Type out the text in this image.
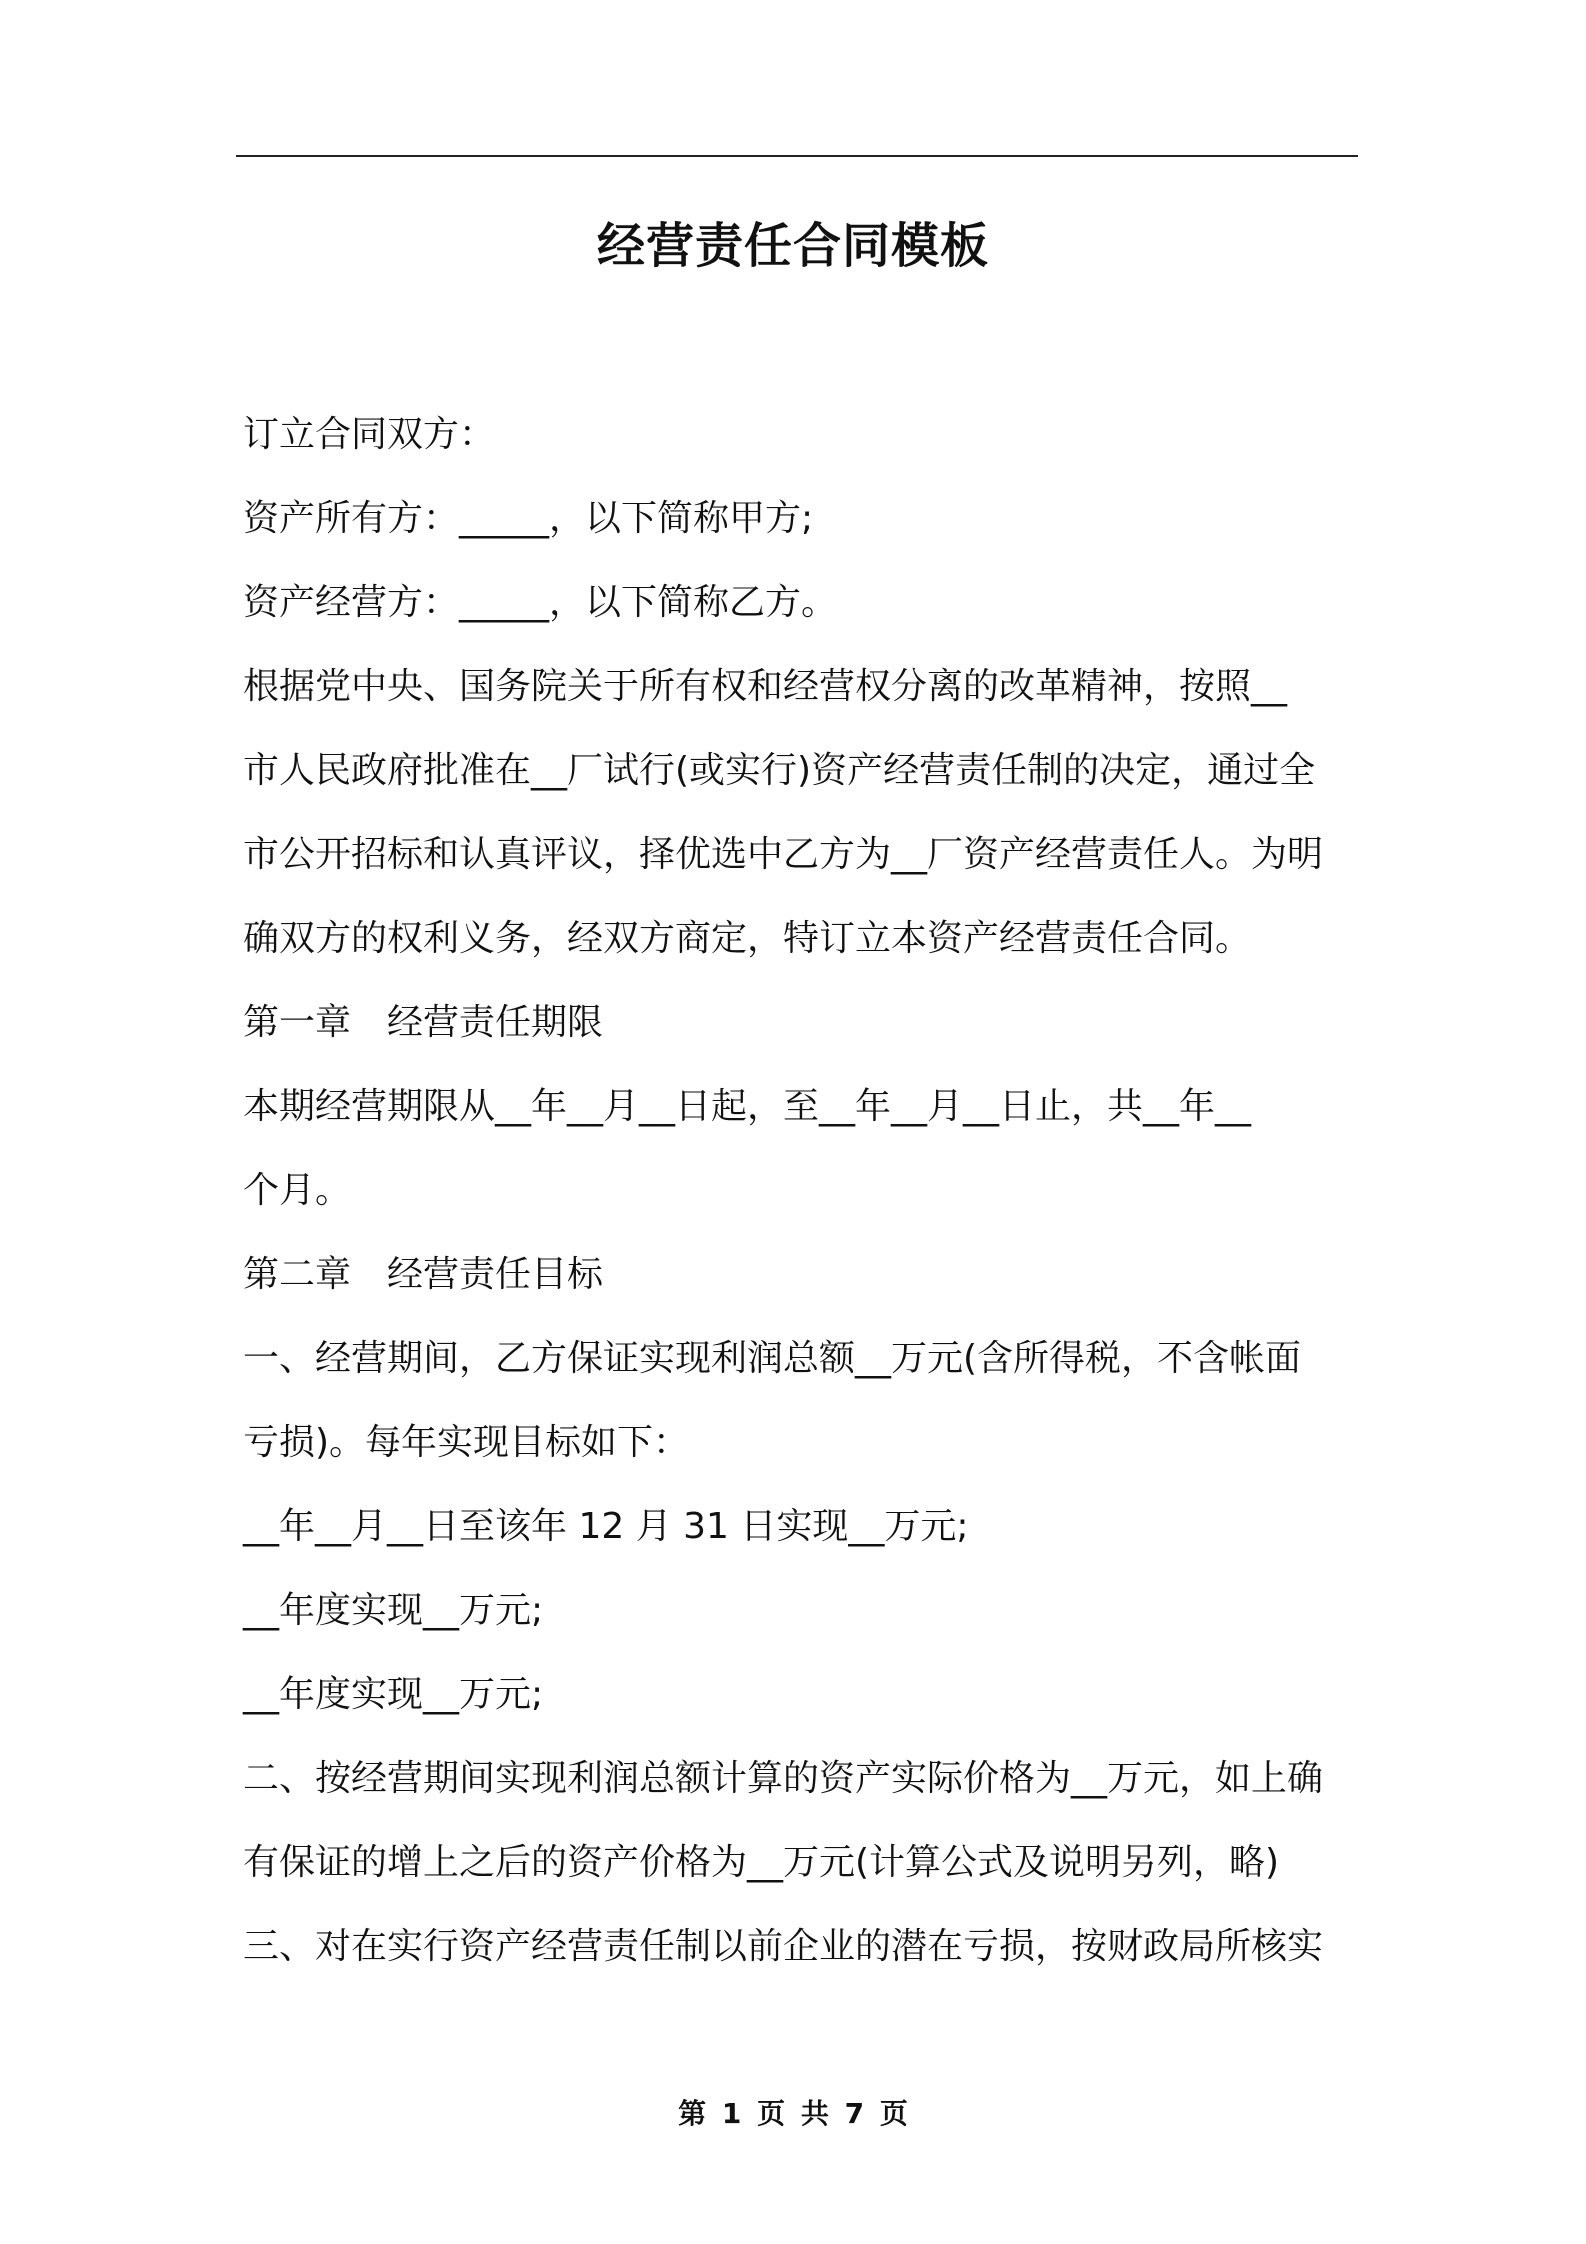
经营责任合同模板
订立合同双方：
资产所有方：_____，以下简称甲方;
资产经营方：_____，以下简称乙方。
根据党中央、国务院关于所有权和经营权分离的改革精神，按照__
市人民政府批准在__厂试行(或实行)资产经营责任制的决定，通过全
市公开招标和认真评议，择优选中乙方为__厂资产经营责任人。为明
确双方的权利义务，经双方商定，特订立本资产经营责任合同。
第一章　经营责任期限
本期经营期限从__年__月__日起，至__年__月__日止，共__年__
个月。
第二章　经营责任目标
一、经营期间，乙方保证实现利润总额__万元(含所得税，不含帐面
亏损)。每年实现目标如下：
__年__月__日至该年 12 月 31 日实现__万元;
__年度实现__万元;
__年度实现__万元;
二、按经营期间实现利润总额计算的资产实际价格为__万元，如上确
有保证的增上之后的资产价格为__万元(计算公式及说明另列，略)
三、对在实行资产经营责任制以前企业的潜在亏损，按财政局所核实
第 1 页 共 7 页
